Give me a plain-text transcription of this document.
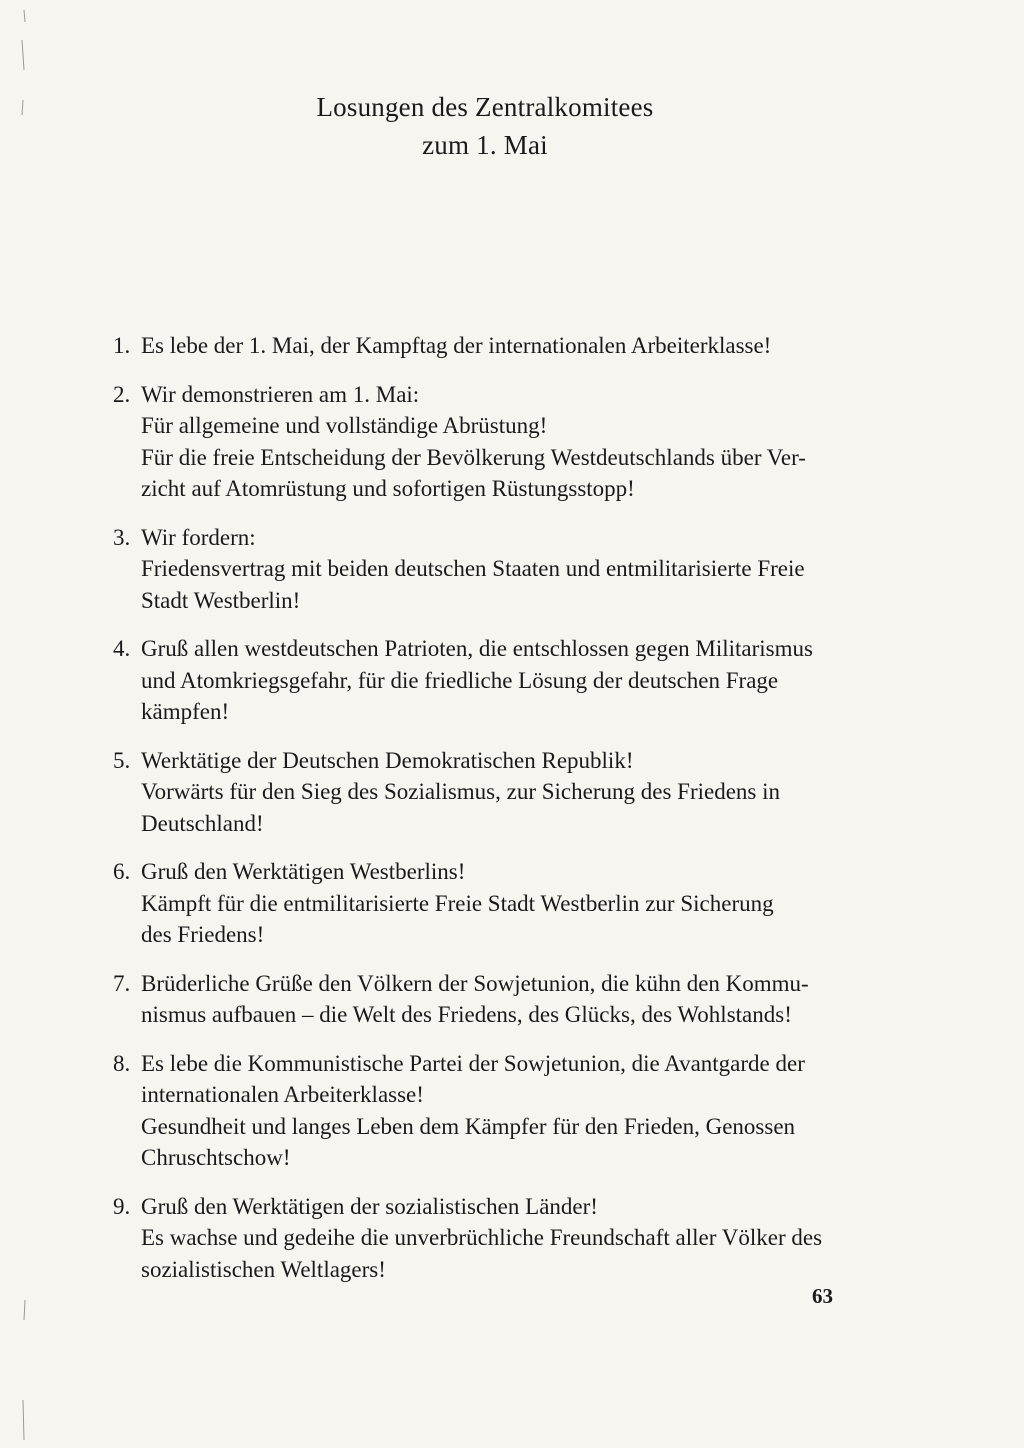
Losungen des Zentralkomitees
zum 1. Mai
1. Es lebe der 1. Mai, der Kampftag der internationalen Arbeiterklasse!
2. Wir demonstrieren am 1. Mai:
Für allgemeine und vollständige Abrüstung!
Für die freie Entscheidung der Bevölkerung Westdeutschlands über Ver-
zicht auf Atomrüstung und sofortigen Rüstungsstopp!
3. Wir fordern:
Friedensvertrag mit beiden deutschen Staaten und entmilitarisierte Freie
Stadt Westberlin!
4. Gruß allen westdeutschen Patrioten, die entschlossen gegen Militarismus
und Atomkriegsgefahr, für die friedliche Lösung der deutschen Frage
kämpfen!
5. Werktätige der Deutschen Demokratischen Republik!
Vorwärts für den Sieg des Sozialismus, zur Sicherung des Friedens in
Deutschland!
6. Gruß den Werktätigen Westberlins!
Kämpft für die entmilitarisierte Freie Stadt Westberlin zur Sicherung
des Friedens!
7. Brüderliche Grüße den Völkern der Sowjetunion, die kühn den Kommu-
nismus aufbauen – die Welt des Friedens, des Glücks, des Wohlstands!
8. Es lebe die Kommunistische Partei der Sowjetunion, die Avantgarde der
internationalen Arbeiterklasse!
Gesundheit und langes Leben dem Kämpfer für den Frieden, Genossen
Chruschtschow!
9. Gruß den Werktätigen der sozialistischen Länder!
Es wachse und gedeihe die unverbrüchliche Freundschaft aller Völker des
sozialistischen Weltlagers!
63
